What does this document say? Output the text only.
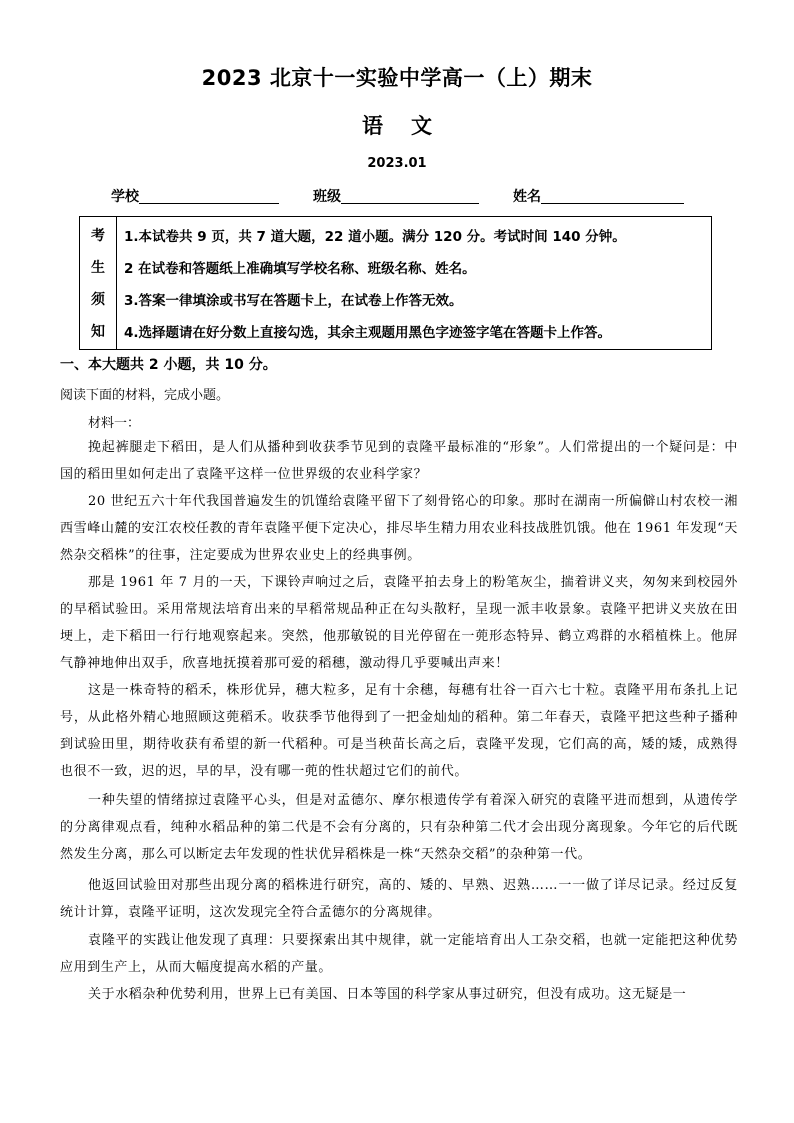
2023 北京十一实验中学高一（上）期末
语文
2023.01
学校	班级	姓名
考
生
须
知
1.本试卷共 9 页，共 7 道大题，22 道小题。满分 120 分。考试时间 140 分钟。
2 在试卷和答题纸上准确填写学校名称、班级名称、姓名。
3.答案一律填涂或书写在答题卡上，在试卷上作答无效。
4.选择题请在好分数上直接勾选，其余主观题用黑色字迹签字笔在答题卡上作答。
一、本大题共 2 小题，共 10 分。
阅读下面的材料，完成小题。
材料一：

挽起裤腿走下稻田，是人们从播种到收获季节见到的袁隆平最标准的“形象”。人们常提出的一个疑问是：中国的稻田里如何走出了袁隆平这样一位世界级的农业科学家？

20 世纪五六十年代我国普遍发生的饥馑给袁隆平留下了刻骨铭心的印象。那时在湖南一所偏僻山村农校一湘西雪峰山麓的安江农校任教的青年袁隆平便下定决心，排尽毕生精力用农业科技战胜饥饿。他在 1961 年发现“天然杂交稻株”的往事，注定要成为世界农业史上的经典事例。

那是 1961 年 7 月的一天，下课铃声响过之后，袁隆平拍去身上的粉笔灰尘，揣着讲义夹，匆匆来到校园外的早稻试验田。采用常规法培育出来的早稻常规品种正在勾头散籽，呈现一派丰收景象。袁隆平把讲义夹放在田埂上，走下稻田一行行地观察起来。突然，他那敏锐的目光停留在一蔸形态特异、鹤立鸡群的水稻植株上。他屏气静神地伸出双手，欣喜地抚摸着那可爱的稻穗，激动得几乎要喊出声来！

这是一株奇特的稻禾，株形优异，穗大粒多，足有十余穗，每穗有壮谷一百六七十粒。袁隆平用布条扎上记号，从此格外精心地照顾这蔸稻禾。收获季节他得到了一把金灿灿的稻种。第二年春天，袁隆平把这些种子播种到试验田里，期待收获有希望的新一代稻种。可是当秧苗长高之后，袁隆平发现，它们高的高，矮的矮，成熟得也很不一致，迟的迟，早的早，没有哪一蔸的性状超过它们的前代。

一种失望的情绪掠过袁隆平心头，但是对孟德尔、摩尔根遗传学有着深入研究的袁隆平进而想到，从遗传学的分离律观点看，纯种水稻品种的第二代是不会有分离的，只有杂种第二代才会出现分离现象。今年它的后代既然发生分离，那么可以断定去年发现的性状优异稻株是一株“天然杂交稻”的杂种第一代。

他返回试验田对那些出现分离的稻株进行研究，高的、矮的、早熟、迟熟……一一做了详尽记录。经过反复统计计算，袁隆平证明，这次发现完全符合孟德尔的分离规律。

袁隆平的实践让他发现了真理：只要探索出其中规律，就一定能培育出人工杂交稻，也就一定能把这种优势应用到生产上，从而大幅度提高水稻的产量。

关于水稻杂种优势利用，世界上已有美国、日本等国的科学家从事过研究，但没有成功。这无疑是一
